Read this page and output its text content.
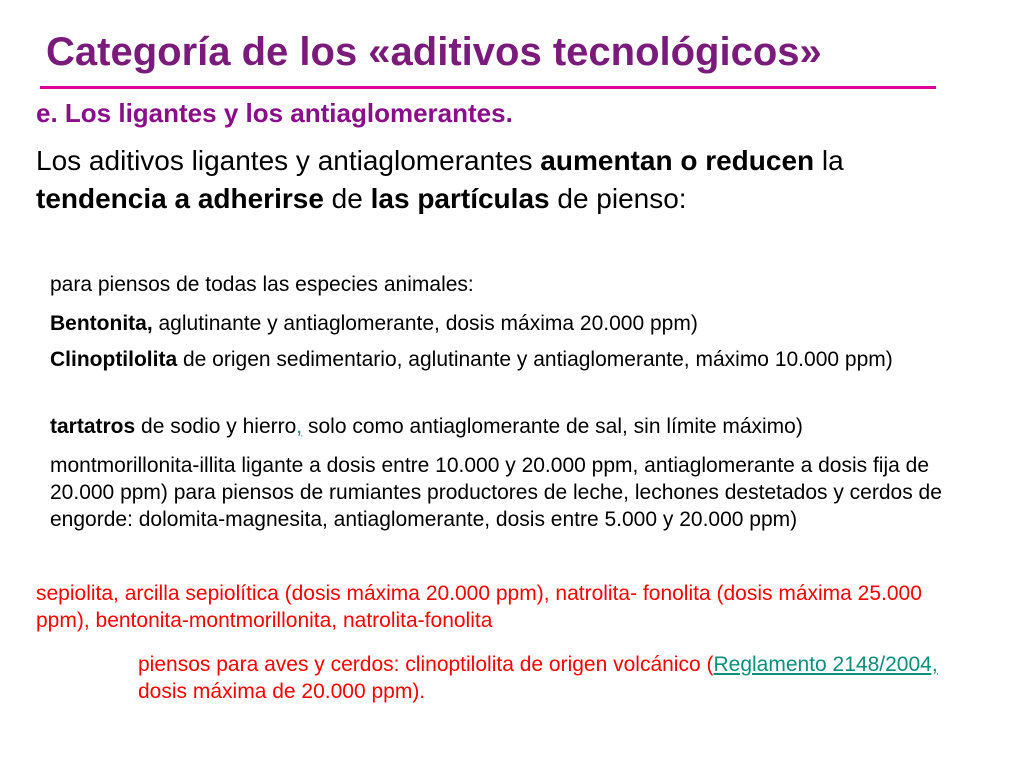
Categoría de los «aditivos tecnológicos»
e. Los ligantes y los antiaglomerantes.
Los aditivos ligantes y antiaglomerantes aumentan o reducen la tendencia a adherirse de las partículas de pienso:
para piensos de todas las especies animales:
Bentonita, aglutinante y antiaglomerante, dosis máxima 20.000 ppm)
Clinoptilolita de origen sedimentario, aglutinante y antiaglomerante, máximo 10.000 ppm)
tartatros de sodio y hierro, solo como antiaglomerante de sal, sin límite máximo)
montmorillonita-illita ligante a dosis entre 10.000 y 20.000 ppm, antiaglomerante a dosis fija de 20.000 ppm) para piensos de rumiantes productores de leche, lechones destetados y cerdos de engorde: dolomita-magnesita, antiaglomerante, dosis entre 5.000 y 20.000 ppm)
sepiolita, arcilla sepiolítica (dosis máxima 20.000 ppm), natrolita- fonolita (dosis máxima 25.000 ppm), bentonita-montmorillonita, natrolita-fonolita
piensos para aves y cerdos: clinoptilolita de origen volcánico (Reglamento 2148/2004, dosis máxima de 20.000 ppm).
